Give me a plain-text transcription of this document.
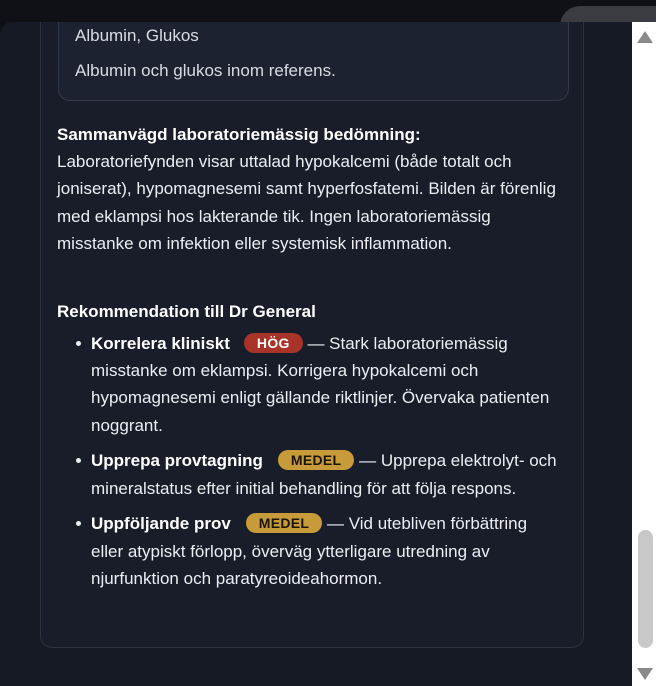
Albumin, Glukos
Albumin och glukos inom referens.
Sammanvägd laboratoriemässig bedömning:
Laboratoriefynden visar uttalad hypokalcemi (både totalt och joniserat), hypomagnesemi samt hyperfosfatemi. Bilden är förenlig med eklampsi hos lakterande tik. Ingen laboratoriemässig misstanke om infektion eller systemisk inflammation.
Rekommendation till Dr General
Korrelera kliniskt HÖG — Stark laboratoriemässig misstanke om eklampsi. Korrigera hypokalcemi och hypomagnesemi enligt gällande riktlinjer. Övervaka patienten noggrant.
Upprepa provtagning MEDEL — Upprepa elektrolyt- och mineralstatus efter initial behandling för att följa respons.
Uppföljande prov MEDEL — Vid utebliven förbättring eller atypiskt förlopp, överväg ytterligare utredning av njurfunktion och paratyreoideahormon.
